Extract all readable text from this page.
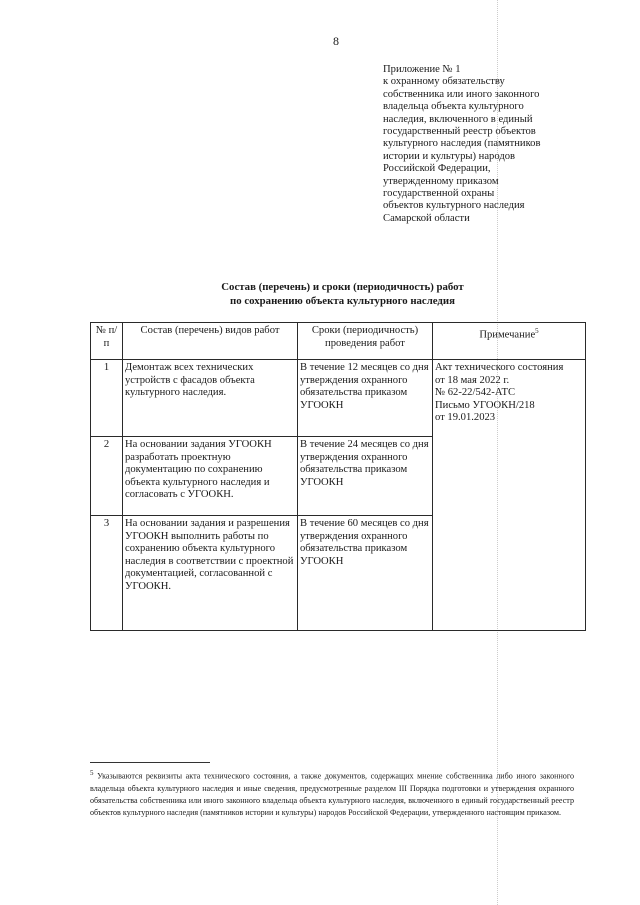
8
Приложение № 1
к охранному обязательству
собственника или иного законного
владельца объекта культурного
наследия, включенного в единый
государственный реестр объектов
культурного наследия (памятников
истории и культуры) народов
Российской Федерации,
утвержденному приказом
государственной охраны
объектов культурного наследия
Самарской области
Состав (перечень) и сроки (периодичность) работ
по сохранению объекта культурного наследия
№ п/п	Состав (перечень) видов работ	Сроки (периодичность) проведения работ	Примечание$^5$
1	Демонтаж всех технических устройств с фасадов объекта культурного наследия.	В течение 12 месяцев со дня утверждения охранного обязательства приказом УГООКН	Акт технического состояния
от 18 мая 2022 г.
№ 62-22/542-АТС
Письмо УГООКН/218
от 19.01.2023

2	На основании задания УГООКН разработать проектную документацию по сохранению объекта культурного наследия и согласовать с УГООКН.	В течение 24 месяцев со дня утверждения охранного обязательства приказом УГООКН	
3	На основании задания и разрешения УГООКН выполнить работы по сохранению объекта культурного наследия в соответствии с проектной документацией, согласованной с УГООКН.	В течение 60 месяцев со дня утверждения охранного обязательства приказом УГООКН	
$^5$ Указываются реквизиты акта технического состояния, а также документов, содержащих мнение собственника либо иного законного владельца объекта культурного наследия и иные сведения, предусмотренные разделом III Порядка подготовки и утверждения охранного обязательства собственника или иного законного владельца объекта культурного наследия, включенного в единый государственный реестр объектов культурного наследия (памятников истории и культуры) народов Российской Федерации, утвержденного настоящим приказом.
